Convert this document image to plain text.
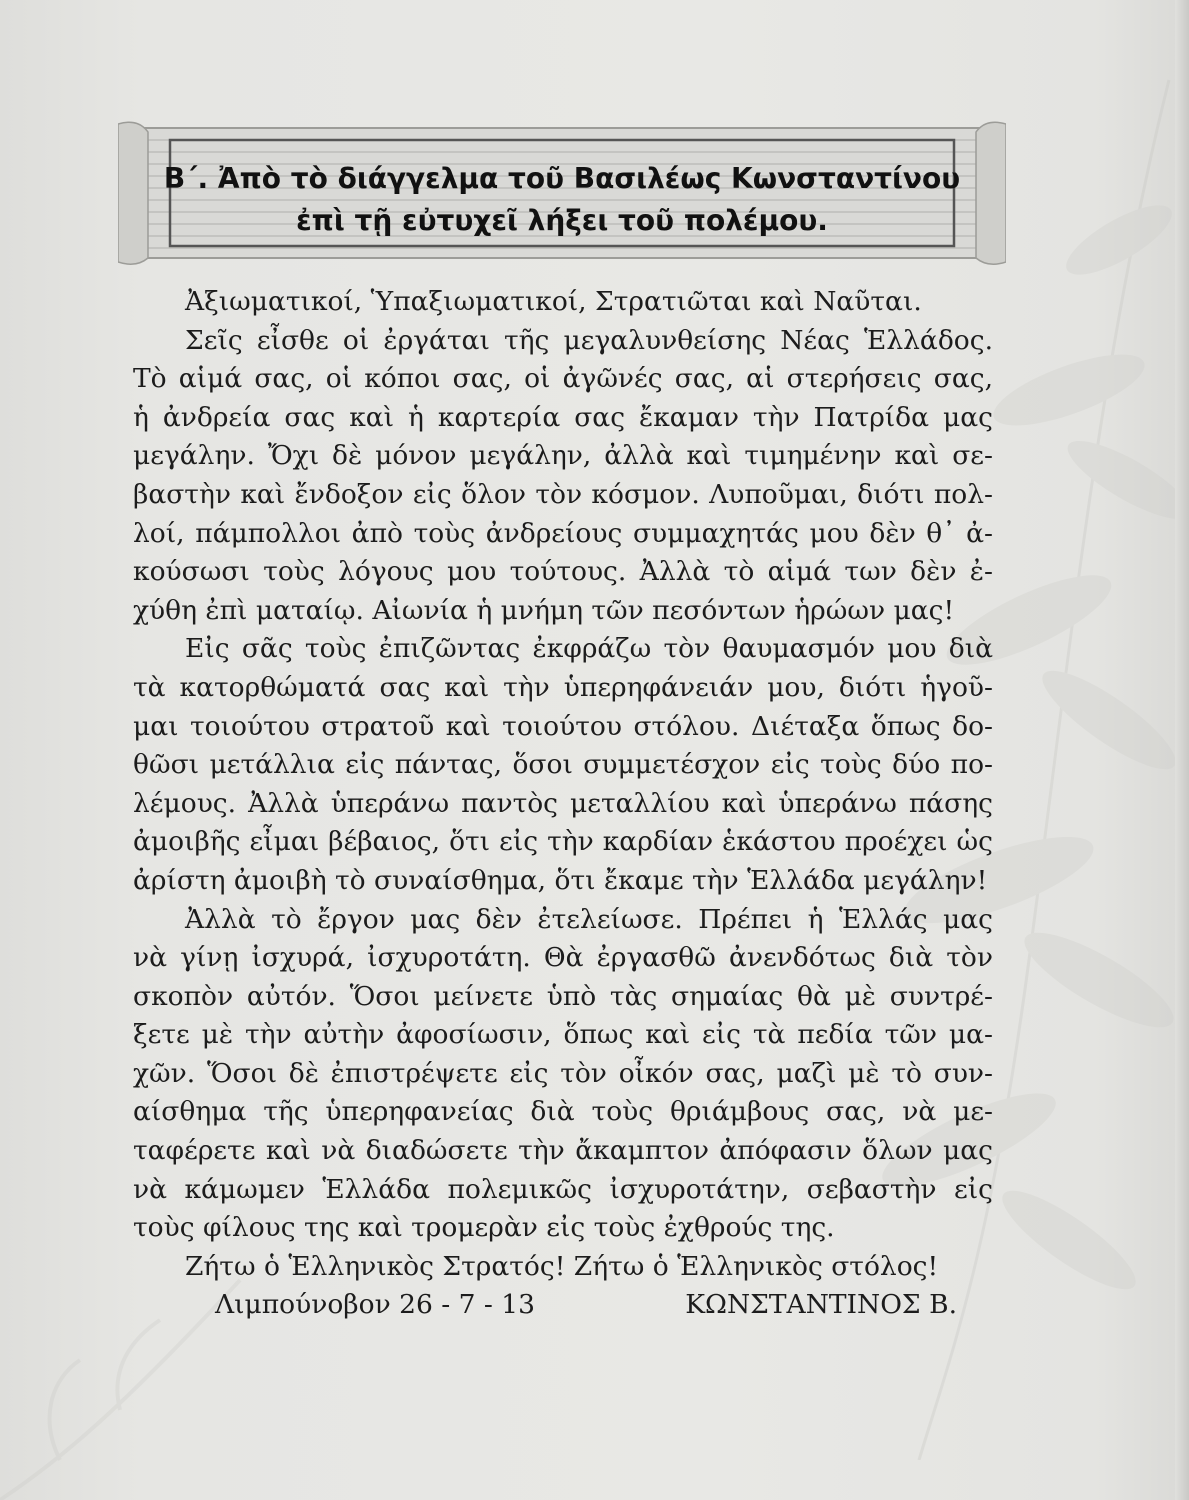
Β΄. Ἀπὸ τὸ διάγγελμα τοῦ Βασιλέως Κωνσταντίνου
ἐπὶ τῇ εὐτυχεῖ λήξει τοῦ πολέμου.
Ἀξιωματικοί, Ὑπαξιωματικοί, Στρατιῶται καὶ Ναῦται.
Σεῖς εἶσθε οἱ ἐργάται τῆς μεγαλυνθείσης Νέας Ἑλλάδος.
Τὸ αἱμά σας, οἱ κόποι σας, οἱ ἀγῶνές σας, αἱ στερήσεις σας,
ἡ ἀνδρεία σας καὶ ἡ καρτερία σας ἔκαμαν τὴν Πατρίδα μας
μεγάλην. Ὄχι δὲ μόνον μεγάλην, ἀλλὰ καὶ τιμημένην καὶ σε-
βαστὴν καὶ ἔνδοξον εἰς ὅλον τὸν κόσμον. Λυποῦμαι, διότι πολ-
λοί, πάμπολλοι ἀπὸ τοὺς ἀνδρείους συμμαχητάς μου δὲν θ᾽ ἀ-
κούσωσι τοὺς λόγους μου τούτους. Ἀλλὰ τὸ αἱμά των δὲν ἐ-
χύθη ἐπὶ ματαίῳ. Αἰωνία ἡ μνήμη τῶν πεσόντων ἡρώων μας!
Εἰς σᾶς τοὺς ἐπιζῶντας ἐκφράζω τὸν θαυμασμόν μου διὰ
τὰ κατορθώματά σας καὶ τὴν ὑπερηφάνειάν μου, διότι ἡγοῦ-
μαι τοιούτου στρατοῦ καὶ τοιούτου στόλου. Διέταξα ὅπως δο-
θῶσι μετάλλια εἰς πάντας, ὅσοι συμμετέσχον εἰς τοὺς δύο πο-
λέμους. Ἀλλὰ ὑπεράνω παντὸς μεταλλίου καὶ ὑπεράνω πάσης
ἀμοιβῆς εἶμαι βέβαιος, ὅτι εἰς τὴν καρδίαν ἑκάστου προέχει ὡς
ἀρίστη ἀμοιβὴ τὸ συναίσθημα, ὅτι ἔκαμε τὴν Ἑλλάδα μεγάλην!
Ἀλλὰ τὸ ἔργον μας δὲν ἐτελείωσε. Πρέπει ἡ Ἑλλάς μας
νὰ γίνῃ ἰσχυρά, ἰσχυροτάτη. Θὰ ἐργασθῶ ἀνενδότως διὰ τὸν
σκοπὸν αὐτόν. Ὅσοι μείνετε ὑπὸ τὰς σημαίας θὰ μὲ συντρέ-
ξετε μὲ τὴν αὐτὴν ἀφοσίωσιν, ὅπως καὶ εἰς τὰ πεδία τῶν μα-
χῶν. Ὅσοι δὲ ἐπιστρέψετε εἰς τὸν οἶκόν σας, μαζὶ μὲ τὸ συν-
αίσθημα τῆς ὑπερηφανείας διὰ τοὺς θριάμβους σας, νὰ με-
ταφέρετε καὶ νὰ διαδώσετε τὴν ἄκαμπτον ἀπόφασιν ὅλων μας
νὰ κάμωμεν Ἑλλάδα πολεμικῶς ἰσχυροτάτην, σεβαστὴν εἰς
τοὺς φίλους της καὶ τρομερὰν εἰς τοὺς ἐχθρούς της.
Ζήτω ὁ Ἑλληνικὸς Στρατός! Ζήτω ὁ Ἑλληνικὸς στόλος!
Λιμπούνοβον 26 - 7 - 13	ΚΩΝΣΤΑΝΤΙΝΟΣ Β.
